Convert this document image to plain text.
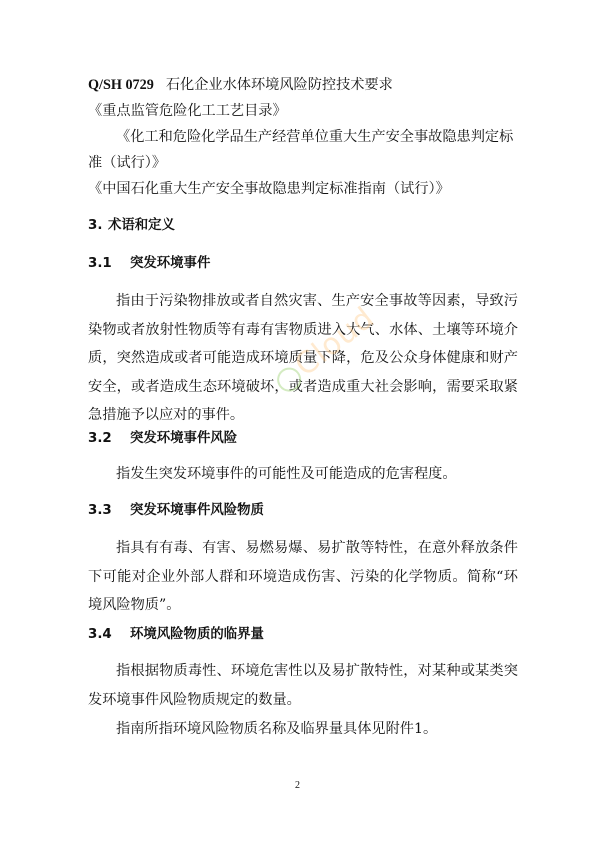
Q/SH 0729 石化企业水体环境风险防控技术要求

《重点监管危险化工工艺目录》

《化工和危险化学品生产经营单位重大生产安全事故隐患判定标准（试行）》

《中国石化重大生产安全事故隐患判定标准指南（试行）》

3. 术语和定义

3.1 突发环境事件

指由于污染物排放或者自然灾害、生产安全事故等因素，导致污染物或者放射性物质等有毒有害物质进入大气、水体、土壤等环境介质，突然造成或者可能造成环境质量下降，危及公众身体健康和财产安全，或者造成生态环境破坏，或者造成重大社会影响，需要采取紧急措施予以应对的事件。

3.2 突发环境事件风险

指发生突发环境事件的可能性及可能造成的危害程度。

3.3 突发环境事件风险物质

指具有有毒、有害、易燃易爆、易扩散等特性，在意外释放条件下可能对企业外部人群和环境造成伤害、污染的化学物质。简称“环境风险物质”。

3.4 环境风险物质的临界量

指根据物质毒性、环境危害性以及易扩散特性，对某种或某类突发环境事件风险物质规定的数量。

指南所指环境风险物质名称及临界量具体见附件1。

Cloud
2
